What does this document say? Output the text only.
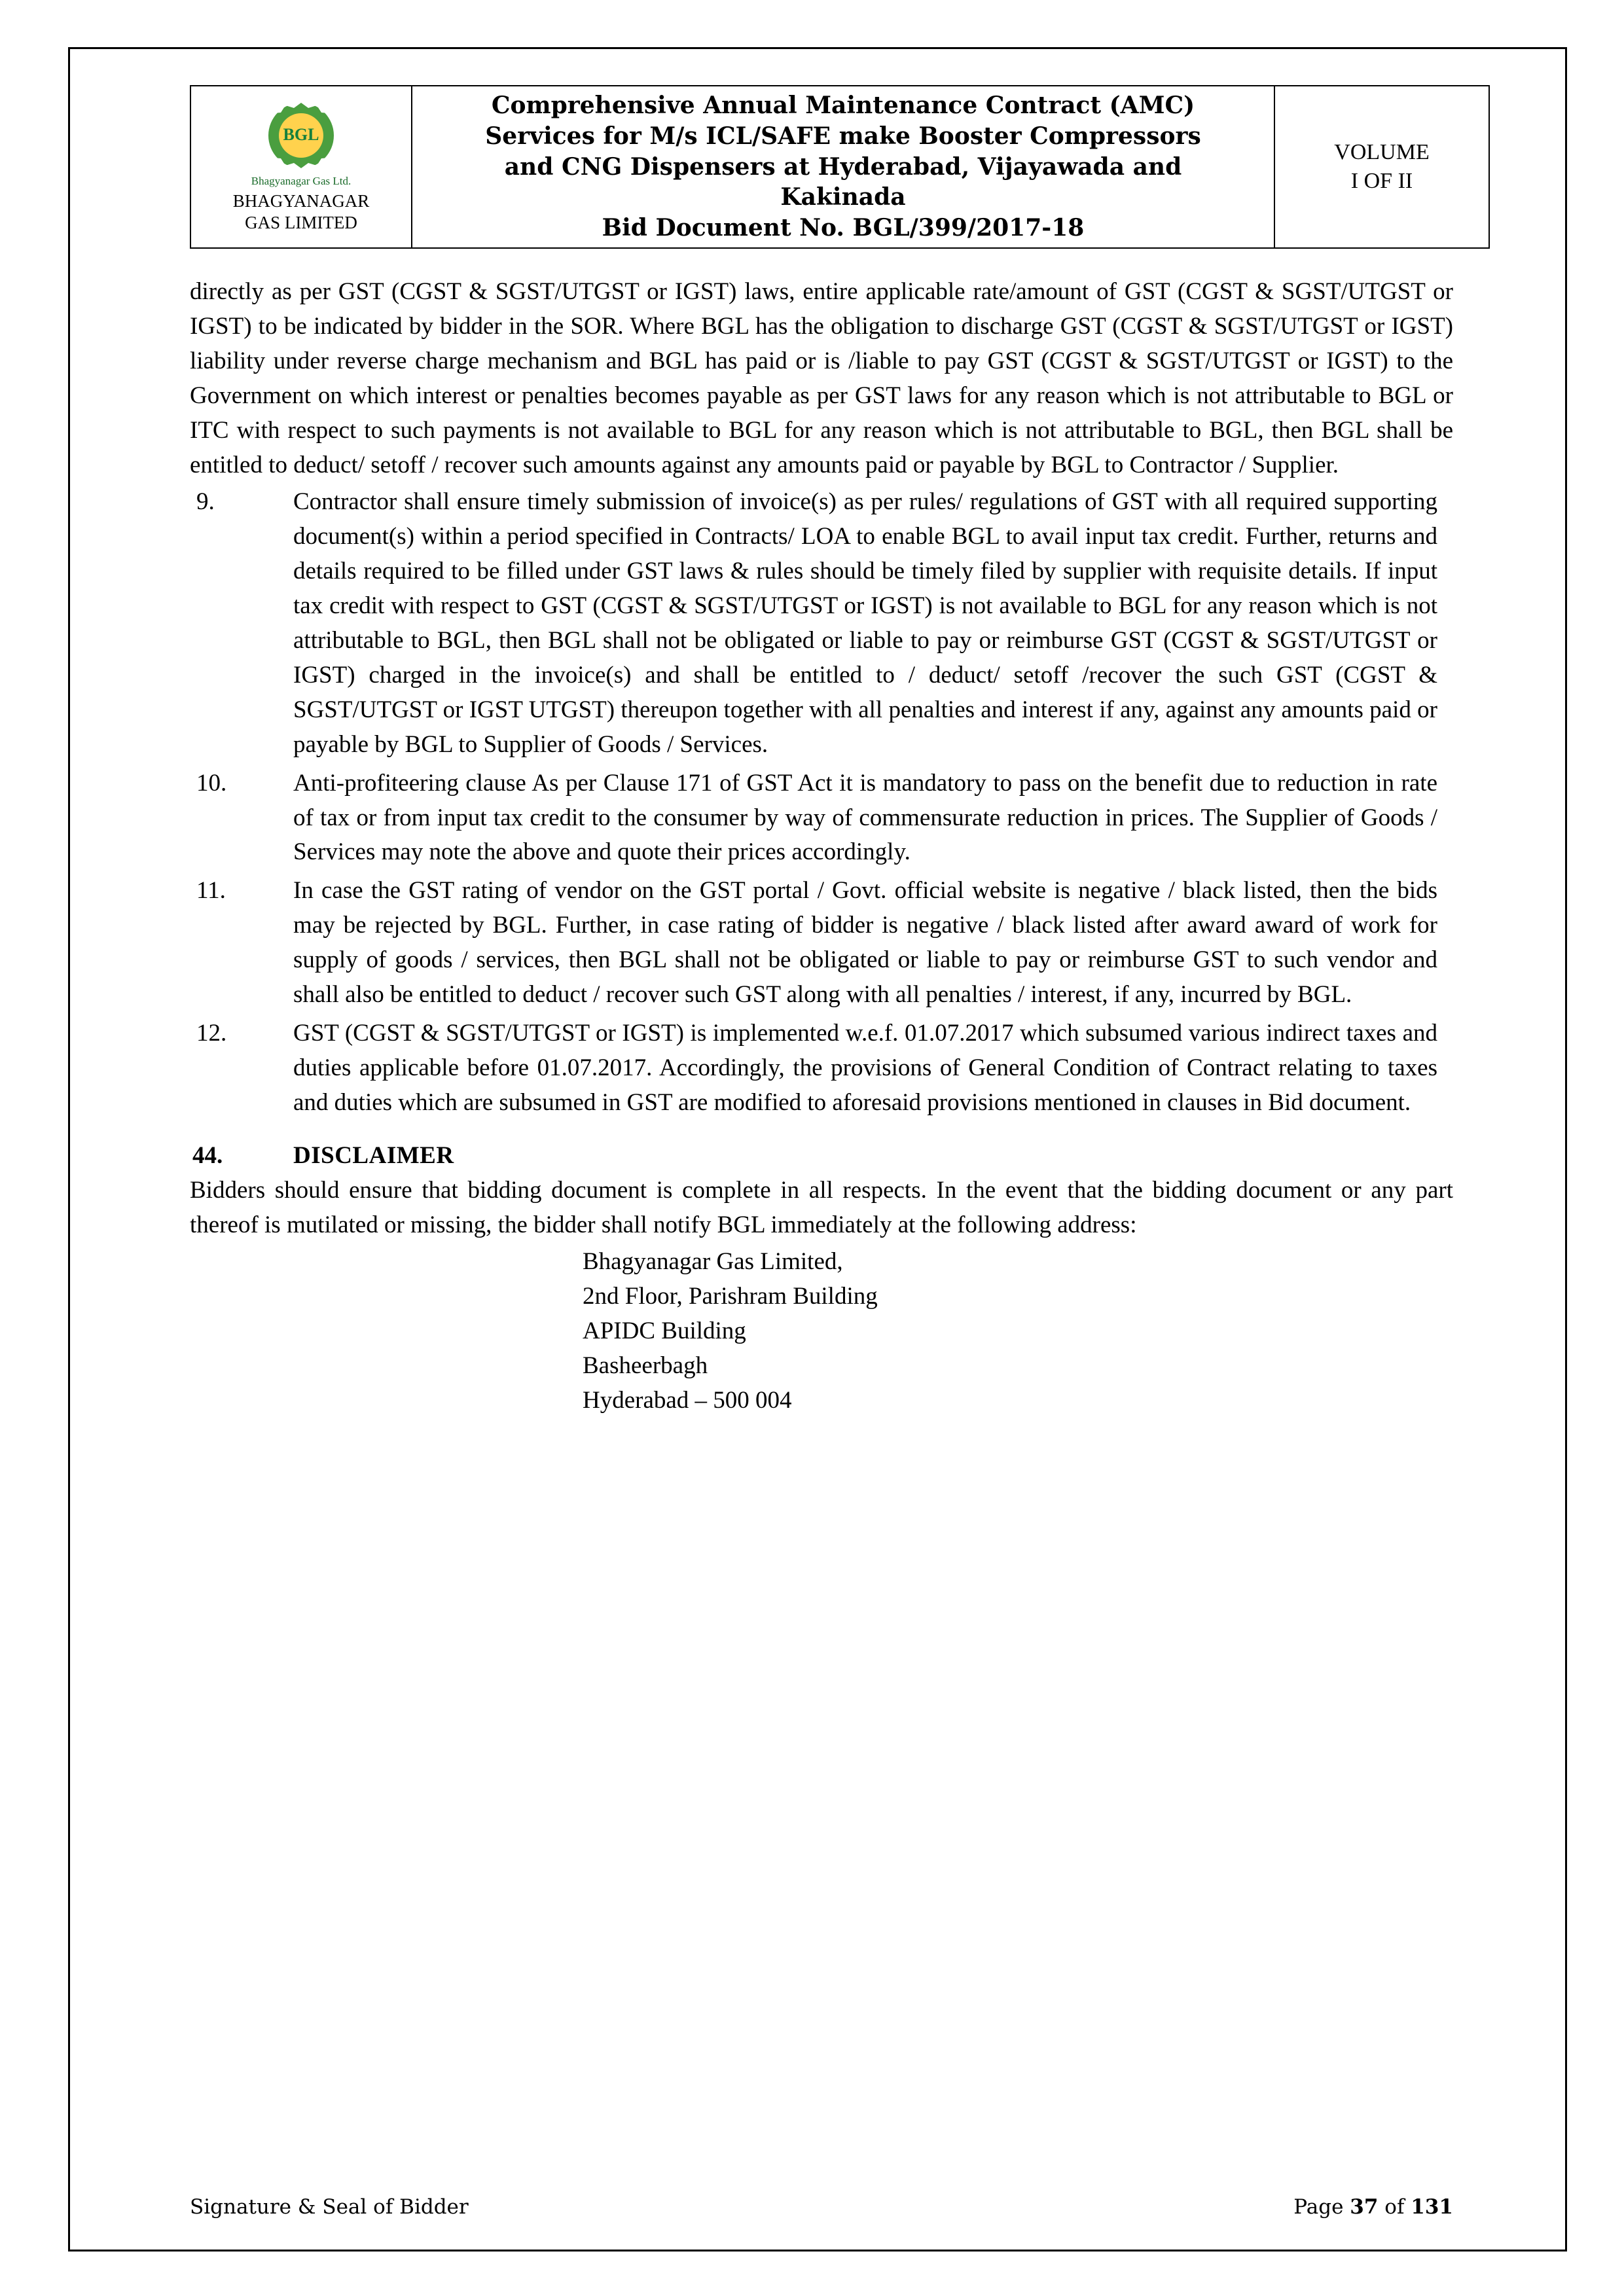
BGL
Bhagyanagar Gas Ltd.
BHAGYANAGAR
GAS LIMITED

Comprehensive Annual Maintenance Contract (AMC)
Services for M/s ICL/SAFE make Booster Compressors
and CNG Dispensers at Hyderabad, Vijayawada and
Kakinada
Bid Document No. BGL/399/2017-18

VOLUME
I OF II

directly as per GST (CGST & SGST/UTGST or IGST) laws, entire applicable rate/amount of GST (CGST & SGST/UTGST or IGST) to be indicated by bidder in the SOR. Where BGL has the obligation to discharge GST (CGST & SGST/UTGST or IGST) liability under reverse charge mechanism and BGL has paid or is /liable to pay GST (CGST & SGST/UTGST or IGST) to the Government on which interest or penalties becomes payable as per GST laws for any reason which is not attributable to BGL or ITC with respect to such payments is not available to BGL for any reason which is not attributable to BGL, then BGL shall be entitled to deduct/ setoff / recover such amounts against any amounts paid or payable by BGL to Contractor / Supplier.

9.	Contractor shall ensure timely submission of invoice(s) as per rules/ regulations of GST with all required supporting document(s) within a period specified in Contracts/ LOA to enable BGL to avail input tax credit. Further, returns and details required to be filled under GST laws & rules should be timely filed by supplier with requisite details. If input tax credit with respect to GST (CGST & SGST/UTGST or IGST) is not available to BGL for any reason which is not attributable to BGL, then BGL shall not be obligated or liable to pay or reimburse GST (CGST & SGST/UTGST or IGST) charged in the invoice(s) and shall be entitled to / deduct/ setoff /recover the such GST (CGST & SGST/UTGST or IGST UTGST) thereupon together with all penalties and interest if any, against any amounts paid or payable by BGL to Supplier of Goods / Services.
10.	Anti-profiteering clause As per Clause 171 of GST Act it is mandatory to pass on the benefit due to reduction in rate of tax or from input tax credit to the consumer by way of commensurate reduction in prices. The Supplier of Goods / Services may note the above and quote their prices accordingly.
11.	In case the GST rating of vendor on the GST portal / Govt. official website is negative / black listed, then the bids may be rejected by BGL. Further, in case rating of bidder is negative / black listed after award award of work for supply of goods / services, then BGL shall not be obligated or liable to pay or reimburse GST to such vendor and shall also be entitled to deduct / recover such GST along with all penalties / interest, if any, incurred by BGL.
12.	GST (CGST & SGST/UTGST or IGST) is implemented w.e.f. 01.07.2017 which subsumed various indirect taxes and duties applicable before 01.07.2017. Accordingly, the provisions of General Condition of Contract relating to taxes and duties which are subsumed in GST are modified to aforesaid provisions mentioned in clauses in Bid document.
44.	DISCLAIMER

Bidders should ensure that bidding document is complete in all respects. In the event that the bidding document or any part thereof is mutilated or missing, the bidder shall notify BGL immediately at the following address:

Bhagyanagar Gas Limited,
2nd Floor, Parishram Building
APIDC Building
Basheerbagh
Hyderabad – 500 004
Signature & Seal of Bidder	Page 37 of 131
